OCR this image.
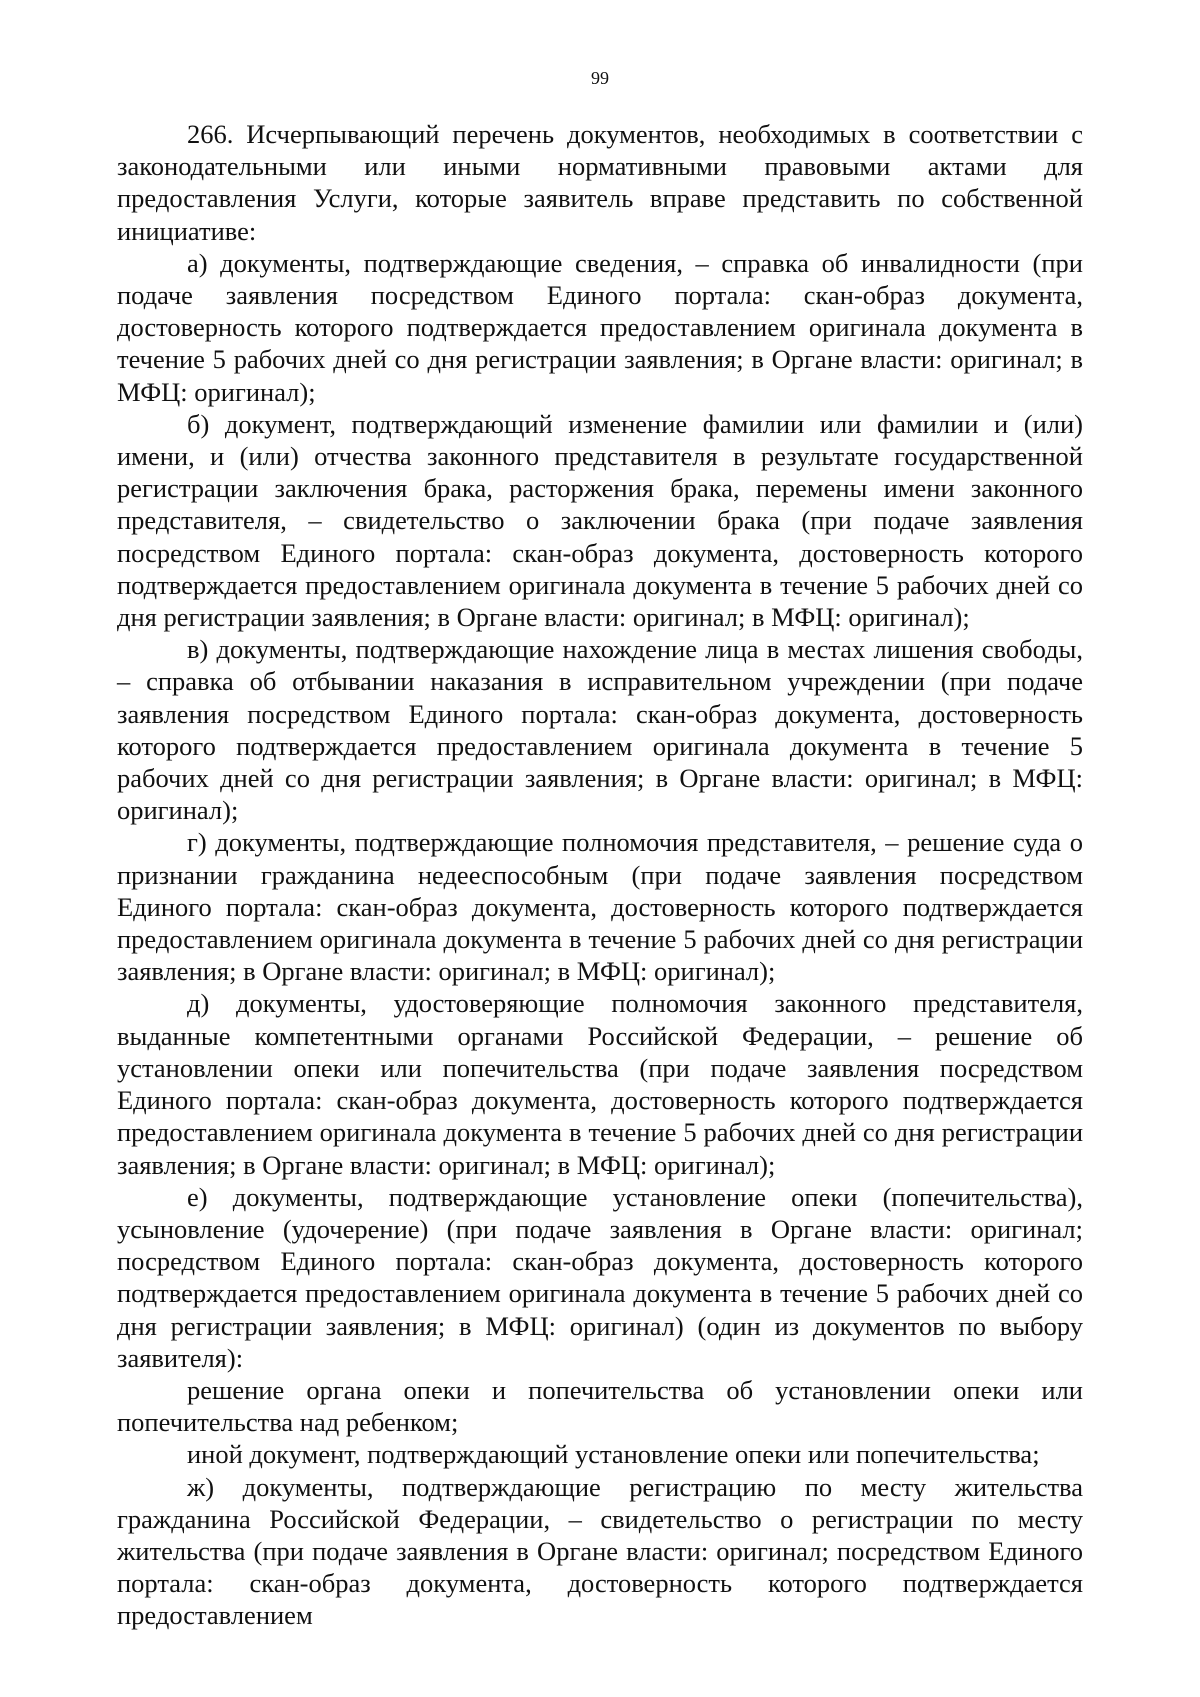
99

266. Исчерпывающий перечень документов, необходимых в соответствии с законодательными или иными нормативными правовыми актами для предоставления Услуги, которые заявитель вправе представить по собственной инициативе:

а) документы, подтверждающие сведения, – справка об инвалидности (при подаче заявления посредством Единого портала: скан-образ документа, достоверность которого подтверждается предоставлением оригинала документа в течение 5 рабочих дней со дня регистрации заявления; в Органе власти: оригинал; в МФЦ: оригинал);

б) документ, подтверждающий изменение фамилии или фамилии и (или) имени, и (или) отчества законного представителя в результате государственной регистрации заключения брака, расторжения брака, перемены имени законного представителя, – свидетельство о заключении брака (при подаче заявления посредством Единого портала: скан-образ документа, достоверность которого подтверждается предоставлением оригинала документа в течение 5 рабочих дней со дня регистрации заявления; в Органе власти: оригинал; в МФЦ: оригинал);

в) документы, подтверждающие нахождение лица в местах лишения свободы, – справка об отбывании наказания в исправительном учреждении (при подаче заявления посредством Единого портала: скан-образ документа, достоверность которого подтверждается предоставлением оригинала документа в течение 5 рабочих дней со дня регистрации заявления; в Органе власти: оригинал; в МФЦ: оригинал);

г) документы, подтверждающие полномочия представителя, – решение суда о признании гражданина недееспособным (при подаче заявления посредством Единого портала: скан-образ документа, достоверность которого подтверждается предоставлением оригинала документа в течение 5 рабочих дней со дня регистрации заявления; в Органе власти: оригинал; в МФЦ: оригинал);

д) документы, удостоверяющие полномочия законного представителя, выданные компетентными органами Российской Федерации, – решение об установлении опеки или попечительства (при подаче заявления посредством Единого портала: скан-образ документа, достоверность которого подтверждается предоставлением оригинала документа в течение 5 рабочих дней со дня регистрации заявления; в Органе власти: оригинал; в МФЦ: оригинал);

е) документы, подтверждающие установление опеки (попечительства), усыновление (удочерение) (при подаче заявления в Органе власти: оригинал; посредством Единого портала: скан-образ документа, достоверность которого подтверждается предоставлением оригинала документа в течение 5 рабочих дней со дня регистрации заявления; в МФЦ: оригинал) (один из документов по выбору заявителя):

решение органа опеки и попечительства об установлении опеки или попечительства над ребенком;

иной документ, подтверждающий установление опеки или попечительства;

ж) документы, подтверждающие регистрацию по месту жительства гражданина Российской Федерации, – свидетельство о регистрации по месту жительства (при подаче заявления в Органе власти: оригинал; посредством Единого портала: скан-образ документа, достоверность которого подтверждается предоставлением
